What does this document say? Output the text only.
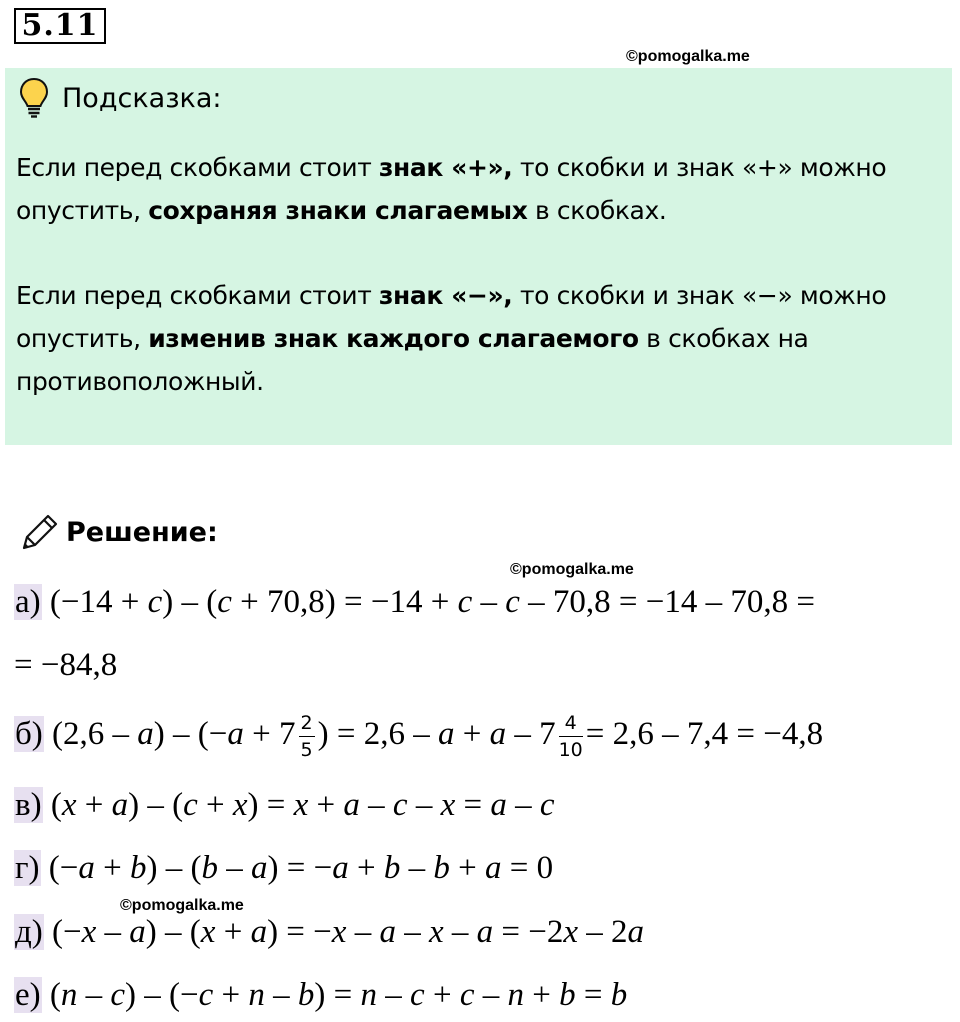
5.11
©pomogalka.me
Подсказка:
Если перед скобками стоит знак «+», то скобки и знак «+» можно опустить, сохраняя знаки слагаемых в скобках.
Если перед скобками стоит знак «−», то скобки и знак «−» можно опустить, изменив знак каждого слагаемого в скобках на противоположный.
Решение:
©pomogalka.me
а) (−14 + c) – (c + 70,8) = −14 + c – c – 70,8 = −14 – 70,8 =
= −84,8
б) $(2,6 - a) - (-a + 7 \frac{2}{5}$ ) = $2,6 - a + a - 7 \frac{4}{10} = 2,6 - 7,4 = -4,8$
в) (x + a) – (c + x) = x + a – c – x = a – c
г) (−a + b) – (b – a) = −a + b – b + a = 0
©pomogalka.me
д) (−x – a) – (x + a) = −x – a – x – a = −2x – 2a
е) (n – c) – (−c + n – b) = n – c + c – n + b = b
